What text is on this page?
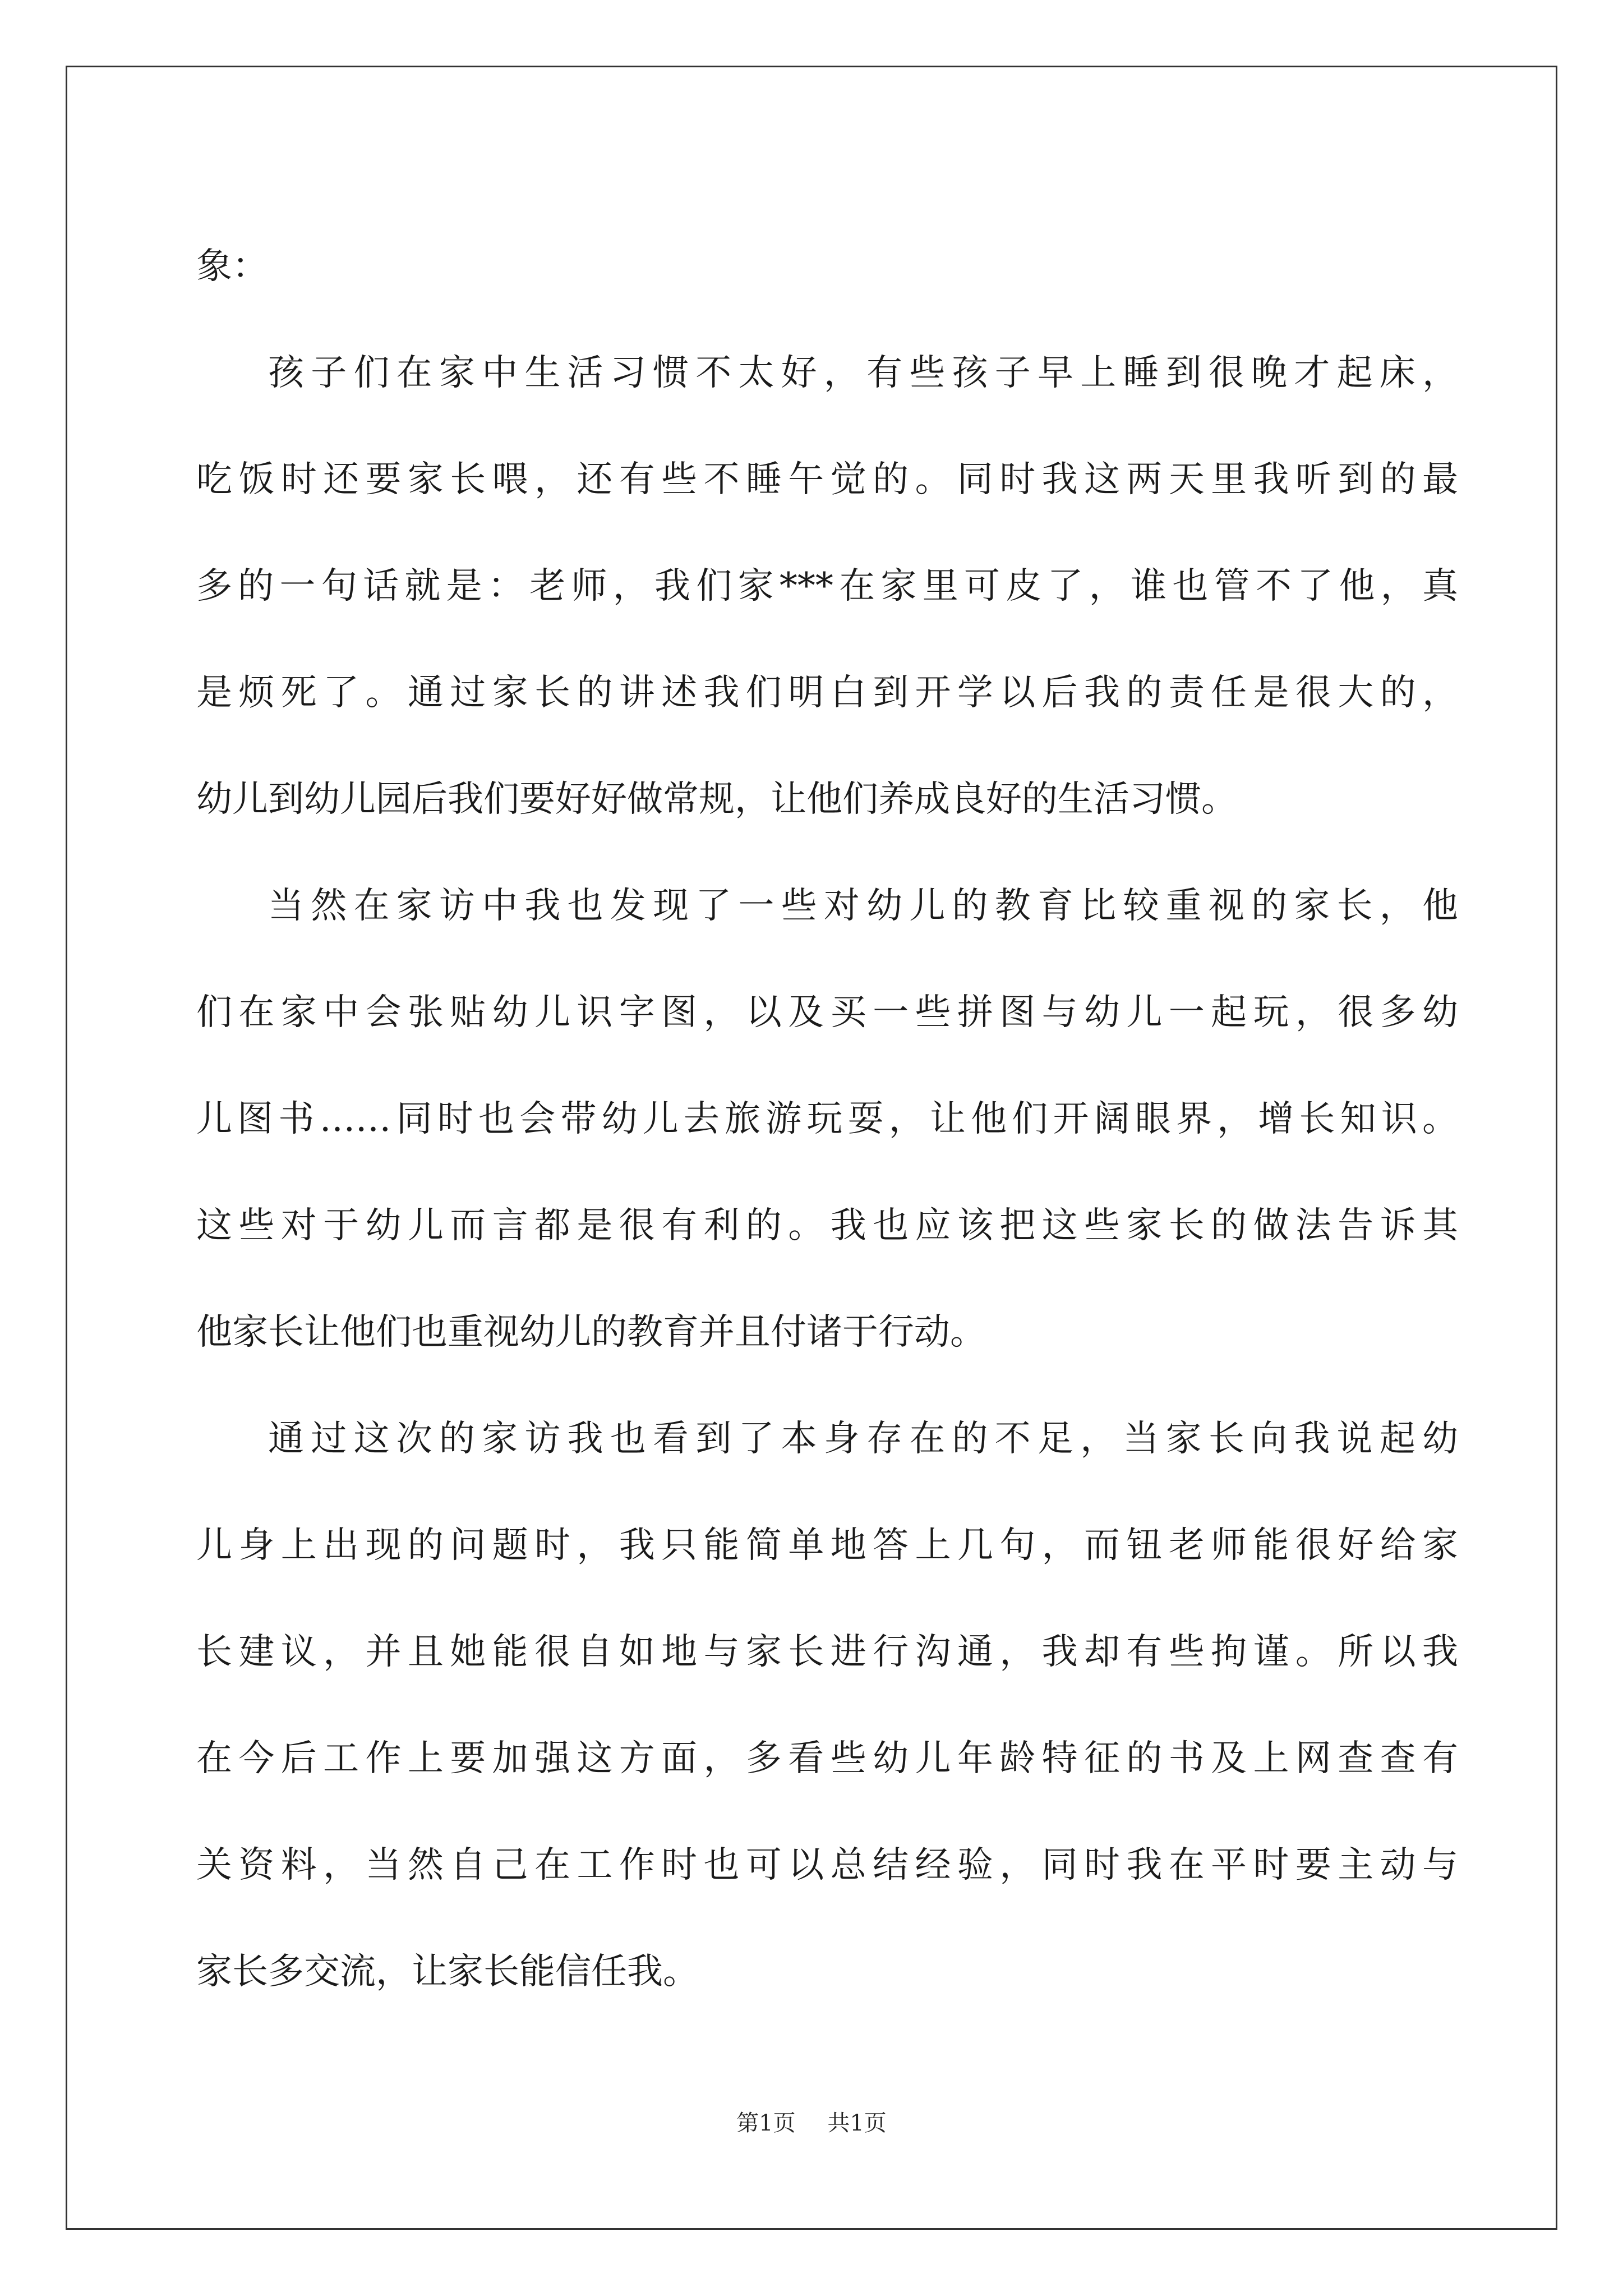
象：
孩子们在家中生活习惯不太好，有些孩子早上睡到很晚才起床，
吃饭时还要家长喂，还有些不睡午觉的。同时我这两天里我听到的最
多的一句话就是：老师，我们家***在家里可皮了，谁也管不了他，真
是烦死了。通过家长的讲述我们明白到开学以后我的责任是很大的，
幼儿到幼儿园后我们要好好做常规，让他们养成良好的生活习惯。
当然在家访中我也发现了一些对幼儿的教育比较重视的家长，他
们在家中会张贴幼儿识字图，以及买一些拼图与幼儿一起玩，很多幼
儿图书……同时也会带幼儿去旅游玩耍，让他们开阔眼界，增长知识。
这些对于幼儿而言都是很有利的。我也应该把这些家长的做法告诉其
他家长让他们也重视幼儿的教育并且付诸于行动。
通过这次的家访我也看到了本身存在的不足，当家长向我说起幼
儿身上出现的问题时，我只能简单地答上几句，而钮老师能很好给家
长建议，并且她能很自如地与家长进行沟通，我却有些拘谨。所以我
在今后工作上要加强这方面，多看些幼儿年龄特征的书及上网查查有
关资料，当然自己在工作时也可以总结经验，同时我在平时要主动与
家长多交流，让家长能信任我。
第1页 共1页
